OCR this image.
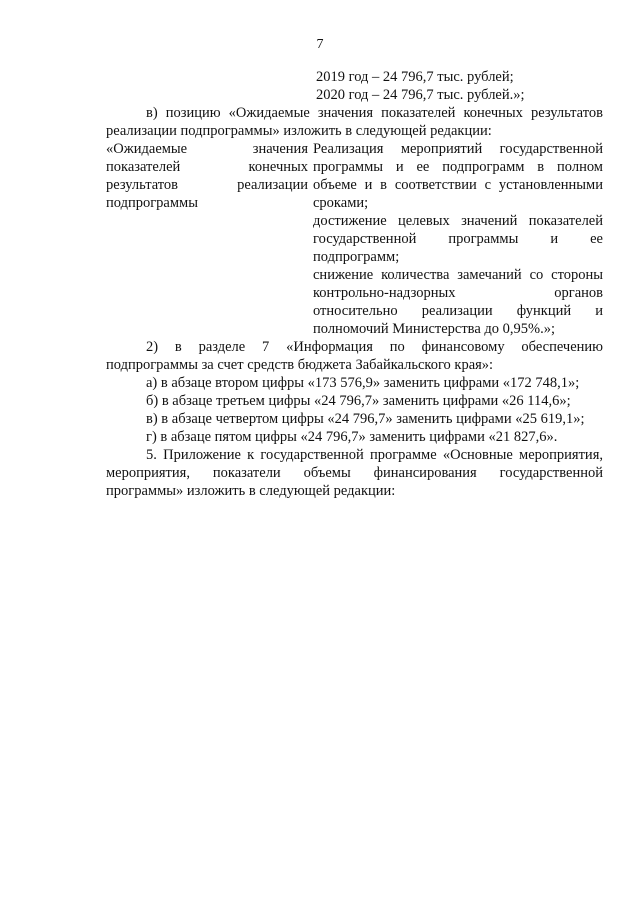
7
2019 год – 24 796,7 тыс. рублей;
2020 год – 24 796,7 тыс. рублей.»;
в) позицию «Ожидаемые значения показателей конечных результатов
реализации подпрограммы» изложить в следующей редакции:
«Ожидаемые значения
показателей конечных
результатов реализации
подпрограммы
Реализация мероприятий государственной
программы и ее подпрограмм в полном
объеме и в соответствии с установленными
сроками;
достижение целевых значений показателей
государственной программы и ее
подпрограмм;
снижение количества замечаний со стороны
контрольно-надзорных органов
относительно реализации функций и
полномочий Министерства до 0,95%.»;
2) в разделе 7 «Информация по финансовому обеспечению
подпрограммы за счет средств бюджета Забайкальского края»:
а) в абзаце втором цифры «173 576,9» заменить цифрами «172 748,1»;
б) в абзаце третьем цифры «24 796,7» заменить цифрами «26 114,6»;
в) в абзаце четвертом цифры «24 796,7» заменить цифрами «25 619,1»;
г) в абзаце пятом цифры «24 796,7» заменить цифрами «21 827,6».
5. Приложение к государственной программе «Основные мероприятия,
мероприятия, показатели объемы финансирования государственной
программы» изложить в следующей редакции:
